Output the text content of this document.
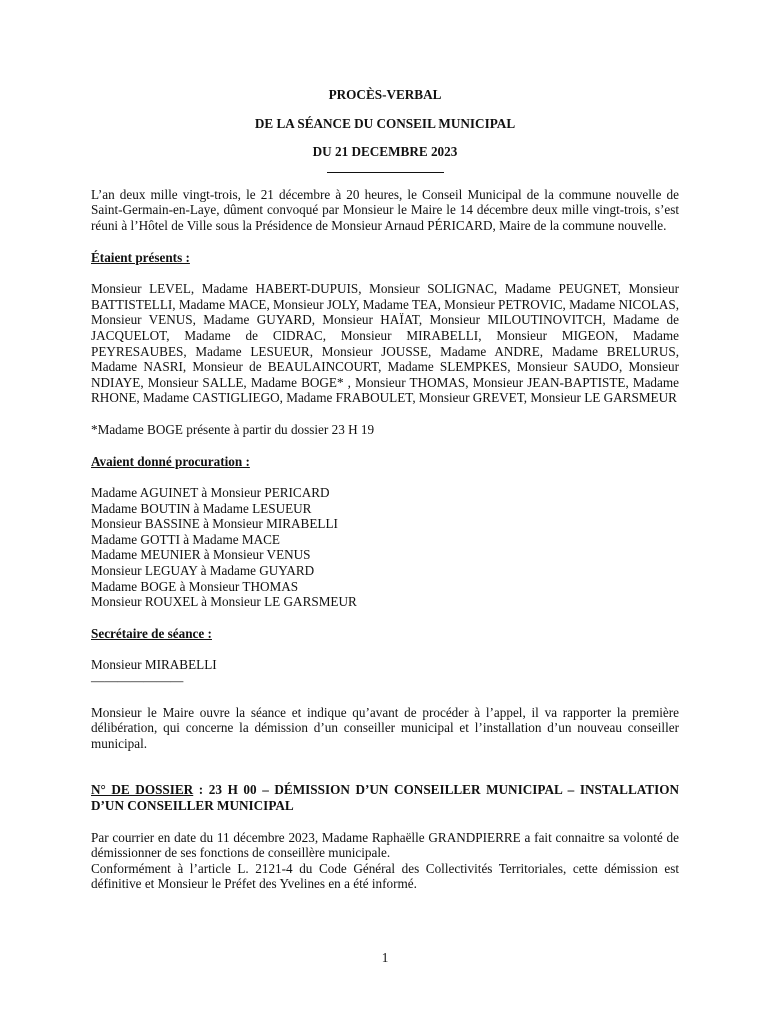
PROCÈS-VERBAL
DE LA SÉANCE DU CONSEIL MUNICIPAL
DU 21 DECEMBRE 2023

L’an deux mille vingt-trois, le 21 décembre à 20 heures, le Conseil Municipal de la commune nouvelle de Saint-Germain-en-Laye, dûment convoqué par Monsieur le Maire le 14 décembre deux mille vingt-trois, s’est réuni à l’Hôtel de Ville sous la Présidence de Monsieur Arnaud PÉRICARD, Maire de la commune nouvelle.

Étaient présents :

Monsieur LEVEL, Madame HABERT-DUPUIS, Monsieur SOLIGNAC, Madame PEUGNET, Monsieur BATTISTELLI, Madame MACE, Monsieur JOLY, Madame TEA, Monsieur PETROVIC, Madame NICOLAS, Monsieur VENUS, Madame GUYARD, Monsieur HAÏAT, Monsieur MILOUTINOVITCH, Madame de JACQUELOT, Madame de CIDRAC, Monsieur MIRABELLI, Monsieur MIGEON, Madame PEYRESAUBES, Madame LESUEUR, Monsieur JOUSSE, Madame ANDRE, Madame BRELURUS, Madame NASRI, Monsieur de BEAULAINCOURT, Madame SLEMPKES, Monsieur SAUDO, Monsieur NDIAYE, Monsieur SALLE, Madame BOGE* , Monsieur THOMAS, Monsieur JEAN-BAPTISTE, Madame RHONE, Madame CASTIGLIEGO, Madame FRABOULET, Monsieur GREVET, Monsieur LE GARSMEUR

*Madame BOGE présente à partir du dossier 23 H 19

Avaient donné procuration :
Madame AGUINET à Monsieur PERICARD
Madame BOUTIN à Madame LESUEUR
Monsieur BASSINE à Monsieur MIRABELLI
Madame GOTTI à Madame MACE
Madame MEUNIER à Monsieur VENUS
Monsieur LEGUAY à Madame GUYARD
Madame BOGE à Monsieur THOMAS
Monsieur ROUXEL à Monsieur LE GARSMEUR
Secrétaire de séance :
Monsieur MIRABELLI
———————

Monsieur le Maire ouvre la séance et indique qu’avant de procéder à l’appel, il va rapporter la première délibération, qui concerne la démission d’un conseiller municipal et l’installation d’un nouveau conseiller municipal.

N° DE DOSSIER : 23 H 00 – DÉMISSION D’UN CONSEILLER MUNICIPAL – INSTALLATION D’UN CONSEILLER MUNICIPAL

Par courrier en date du 11 décembre 2023, Madame Raphaëlle GRANDPIERRE a fait connaitre sa volonté de démissionner de ses fonctions de conseillère municipale.

Conformément à l’article L. 2121-4 du Code Général des Collectivités Territoriales, cette démission est définitive et Monsieur le Préfet des Yvelines en a été informé.

1
